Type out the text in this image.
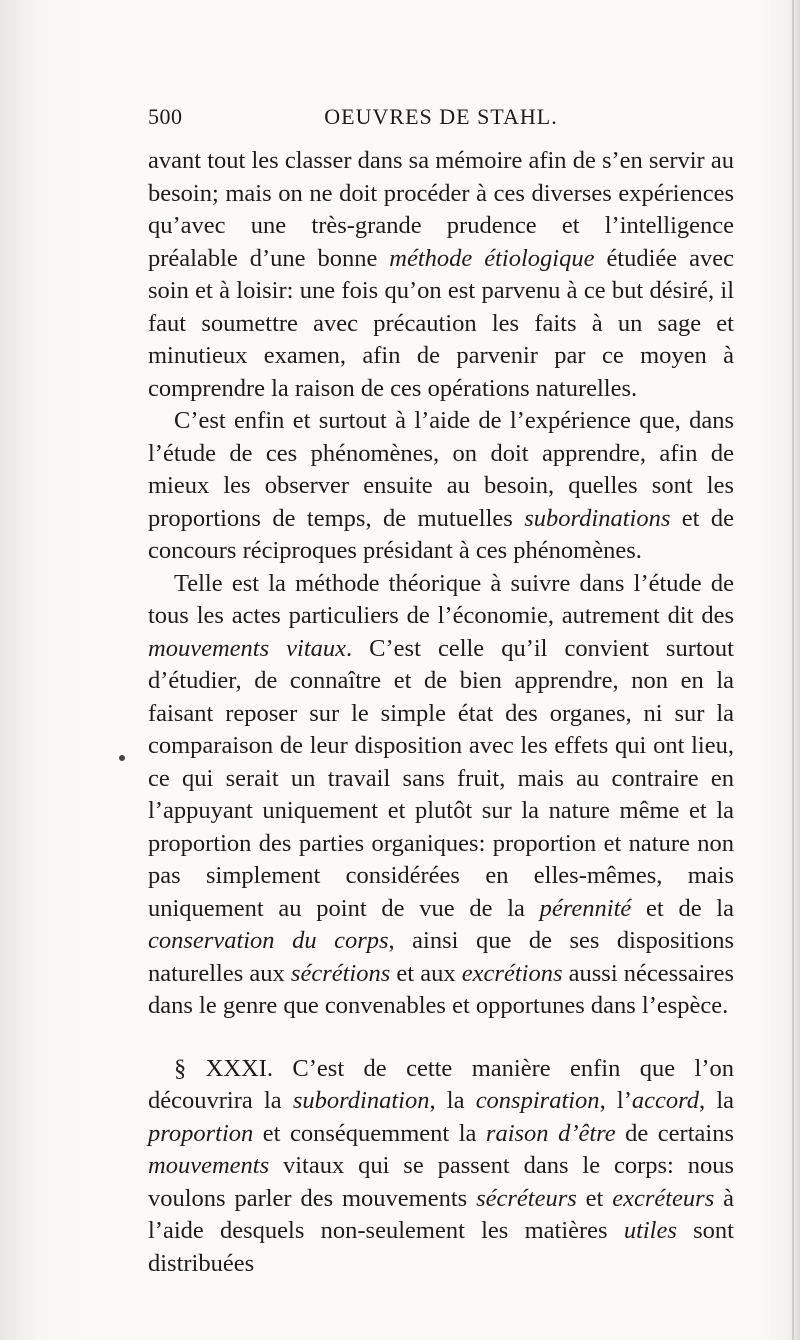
500	OEUVRES DE STAHL.

avant tout les classer dans sa mémoire afin de s’en servir au besoin; mais on ne doit procéder à ces diverses expériences qu’avec une très-grande prudence et l’intelligence préalable d’une bonne méthode étiologique étudiée avec soin et à loisir: une fois qu’on est parvenu à ce but désiré, il faut soumettre avec précaution les faits à un sage et minutieux examen, afin de parvenir par ce moyen à comprendre la raison de ces opérations naturelles.

C’est enfin et surtout à l’aide de l’expérience que, dans l’étude de ces phénomènes, on doit apprendre, afin de mieux les observer ensuite au besoin, quelles sont les proportions de temps, de mutuelles subordinations et de concours réciproques présidant à ces phénomènes.

Telle est la méthode théorique à suivre dans l’étude de tous les actes particuliers de l’économie, autrement dit des mouvements vitaux. C’est celle qu’il convient surtout d’étudier, de connaître et de bien apprendre, non en la faisant reposer sur le simple état des organes, ni sur la comparaison de leur disposition avec les effets qui ont lieu, ce qui serait un travail sans fruit, mais au contraire en l’appuyant uniquement et plutôt sur la nature même et la proportion des parties organiques: proportion et nature non pas simplement considérées en elles-mêmes, mais uniquement au point de vue de la pérennité et de la conservation du corps, ainsi que de ses dispositions naturelles aux sécrétions et aux excrétions aussi nécessaires dans le genre que convenables et opportunes dans l’espèce.

§ XXXI. C’est de cette manière enfin que l’on découvrira la subordination, la conspiration, l’accord, la proportion et conséquemment la raison d’être de certains mouvements vitaux qui se passent dans le corps: nous voulons parler des mouvements sécréteurs et excréteurs à l’aide desquels non-seulement les matières utiles sont distribuées
